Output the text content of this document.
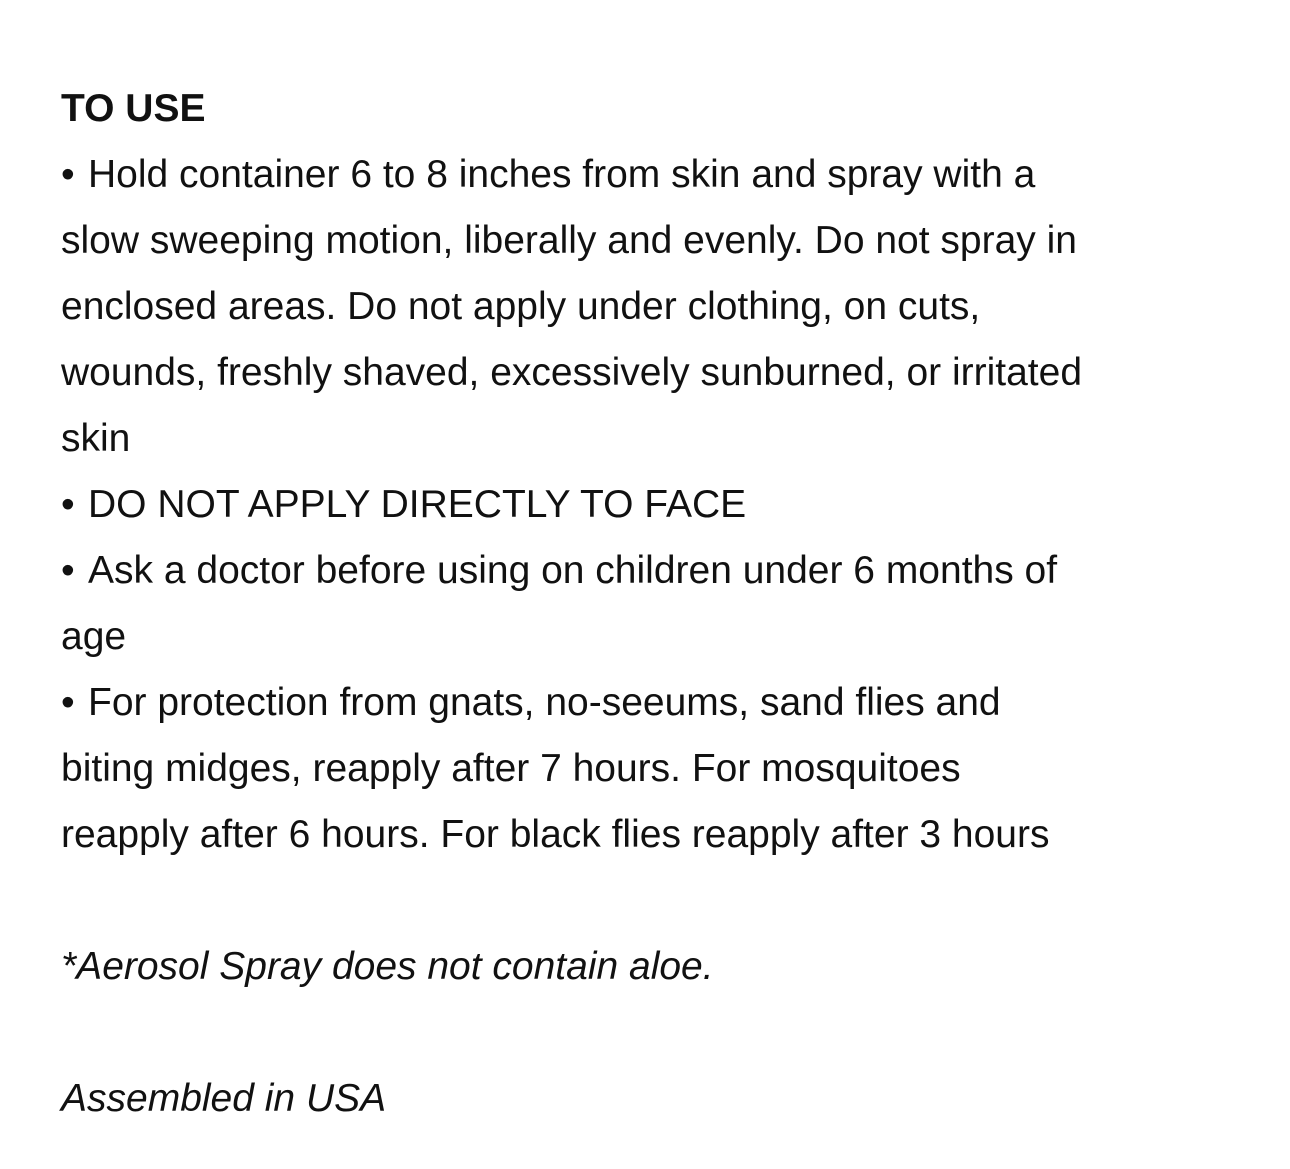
TO USE

• Hold container 6 to 8 inches from skin and spray with a
slow sweeping motion, liberally and evenly. Do not spray in
enclosed areas. Do not apply under clothing, on cuts,
wounds, freshly shaved, excessively sunburned, or irritated
skin
• DO NOT APPLY DIRECTLY TO FACE
• Ask a doctor before using on children under 6 months of
age
• For protection from gnats, no-seeums, sand flies and
biting midges, reapply after 7 hours. For mosquitoes
reapply after 6 hours. For black flies reapply after 3 hours

*Aerosol Spray does not contain aloe.

Assembled in USA
